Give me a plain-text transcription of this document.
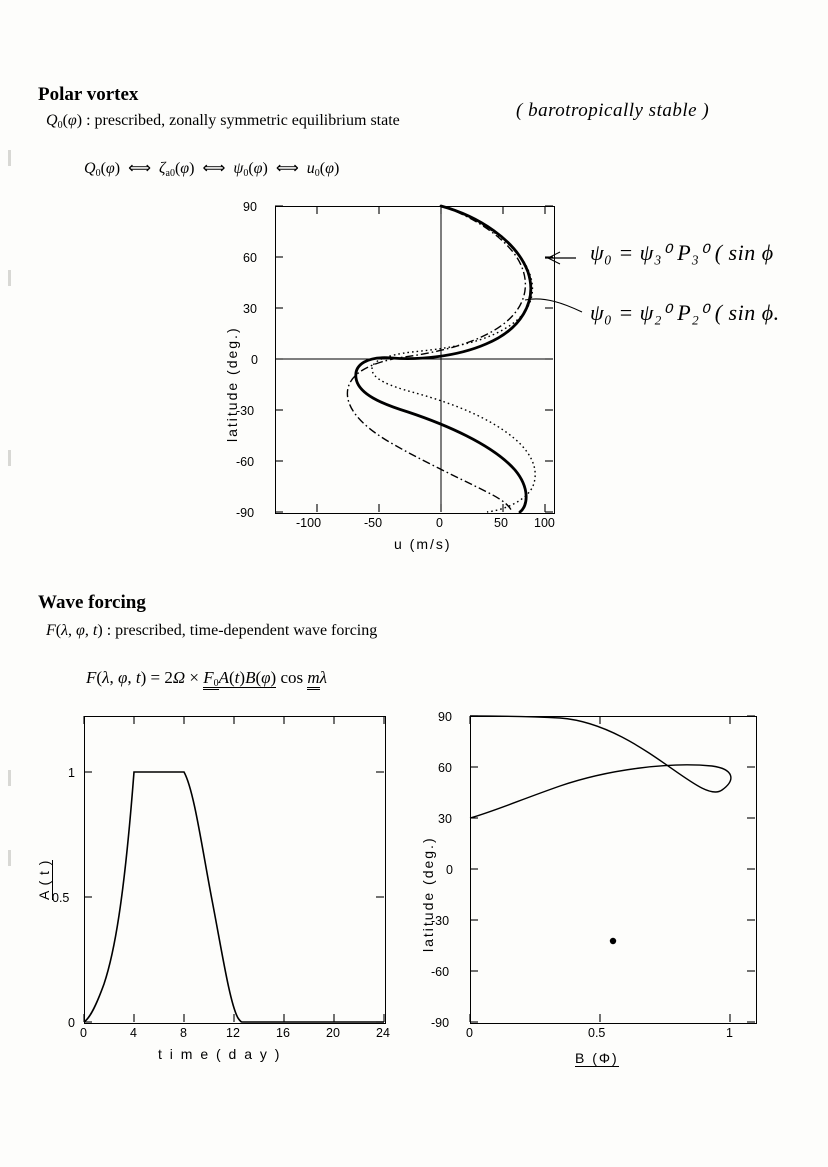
Polar vortex
$Q_0(\varphi)$ : prescribed, zonally symmetric equilibrium state	( barotropically stable )
$Q_0(\varphi)$  ⟺  $\zeta_{a0}(\varphi)$  ⟺  $\psi_0(\varphi)$  ⟺  $u_0(\varphi)$
-100	-50	0	50 100
90
60
30
0
-30
-60
-90
u (m/s)
latitude (deg.)
ψ₀ = ψ₃⁰ P₃⁰ ( sin ϕ
ψ₀ = ψ₂⁰ P₂⁰ ( sin ϕ.
Wave forcing
F(λ, φ, t) : prescribed, time-dependent wave forcing
F(λ, φ, $t) = 2\Omega \times F_0A(t)B(\varphi)$ cos mλ
0	4	8	12	16	20	24
0
0.5
1
t i m e ( d a y )
A ( t )
0	0.5	1
90
60
30
0
-30
-60
-90
B (Φ)
latitude (deg.)
